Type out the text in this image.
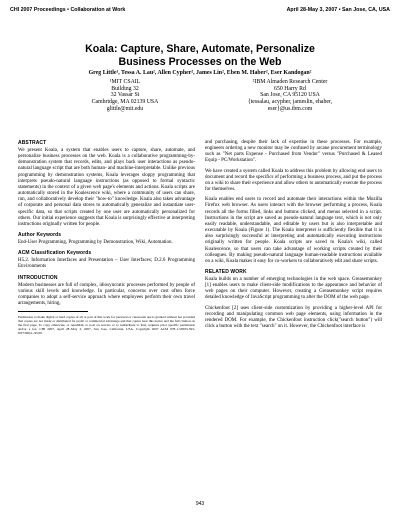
CHI 2007 Proceedings • Collaboration at Work	April 28-May 3, 2007 • San Jose, CA, USA
Koala: Capture, Share, Automate, Personalize
Business Processes on the Web
Greg Little¹, Tessa A. Lau², Allen Cypher², James Lin², Eben M. Haber², Eser Kandogan²
¹MIT CSAIL
Building 32
32 Vassar St
Cambridge, MA 02139 USA
glittle@mit.edu
²IBM Almaden Research Center
650 Harry Rd
San Jose, CA 95120 USA
{tessalau, acypher, jameslin, ehaber,
eser}@us.ibm.com
ABSTRACT

We present Koala, a system that enables users to capture, share, automate, and personalize business processes on the web. Koala is a collaborative programming-by-demonstration system that records, edits, and plays back user interactions as pseudo-natural language script that are both human- and machine-interpretable. Unlike previous programming by demonstration systems, Koala leverages sloppy programming that interprets pseudo-natural language instructions (as opposed to formal syntactic statements) in the context of a given web page's elements and actions. Koala scripts are automatically stored in the Koalescence wiki, where a community of users can share, run, and collaboratively develop their "how-to" knowledge. Koala also takes advantage of corporate and personal data stores to automatically generalize and instantiate user-specific data, so that scripts created by one user are automatically personalized for others. Our initial experience suggests that Koala is surprisingly effective at interpreting instructions originally written for people.

Author Keywords

End-User Programming, Programming by Demonstration, Wiki, Automation.

ACM Classification Keywords

H5.2. Information Interfaces and Presentation – User Interfaces; D.2.6 Programming Environments

INTRODUCTION

Modern businesses are full of complex, idiosyncratic processes performed by people of various skill levels and knowledge. In particular, concerns over cost often force companies to adopt a self-service approach where employees perform their own travel arrangements, hiring,

Permission to make digital or hard copies of all or part of this work for personal or classroom use is granted without fee provided that copies are not made or distributed for profit or commercial advantage and that copies bear this notice and the full citation on the first page. To copy otherwise, or republish, to post on servers or to redistribute to lists, requires prior specific permission and/or a fee. CHI 2007, April 28–May 3, 2007, San Jose, California, USA. Copyright 2007 ACM 978-1-59593-593-9/07/0004...$5.00.

and purchasing, despite their lack of expertise in these processes. For example, engineers ordering a new monitor may be confused by arcane procurement terminology such as "Net parts Expense - Purchased from Vendor" versus "Purchased & Leased Equip - PC/Workstation".

We have created a system called Koala to address this problem by allowing end users to document and record the specifics of performing a business process, and put the process on a wiki to share their experience and allow others to automatically execute the process for themselves.

Koala enables end users to record and automate their interactions within the Mozilla Firefox web browser. As users interact with the browser performing a process, Koala records all the forms filled, links and buttons clicked, and menus selected in a script. Instructions in the script are saved as pseudo-natural language text, which is not only easily readable, understandable, and editable by users but is also interpretable and executable by Koala (Figure 1). The Koala interpreter is sufficiently flexible that it is also surprisingly successful at interpreting and automatically executing instructions originally written for people. Koala scripts are saved to Koala's wiki, called Koalescence, so that users can take advantage of working scripts created by their colleagues. By making pseudo-natural language human-readable instructions available on a wiki, Koala makes it easy for co-workers to collaboratively edit and share scripts.

RELATED WORK

Koala builds on a number of emerging technologies in the web space. Greasemonkey [1] enables users to make client-side modifications to the appearance and behavior of web pages on their computer. However, creating a Greasemonkey script requires detailed knowledge of JavaScript programming to alter the DOM of the web page.

Chickenfoot [2] uses client-side customization by providing a higher-level API for recording and manipulating common web page elements, using information in the rendered DOM. For example, the Chickenfoot instruction click("search button") will click a button with the text "search" on it. However, the Chickenfoot interface is

943
